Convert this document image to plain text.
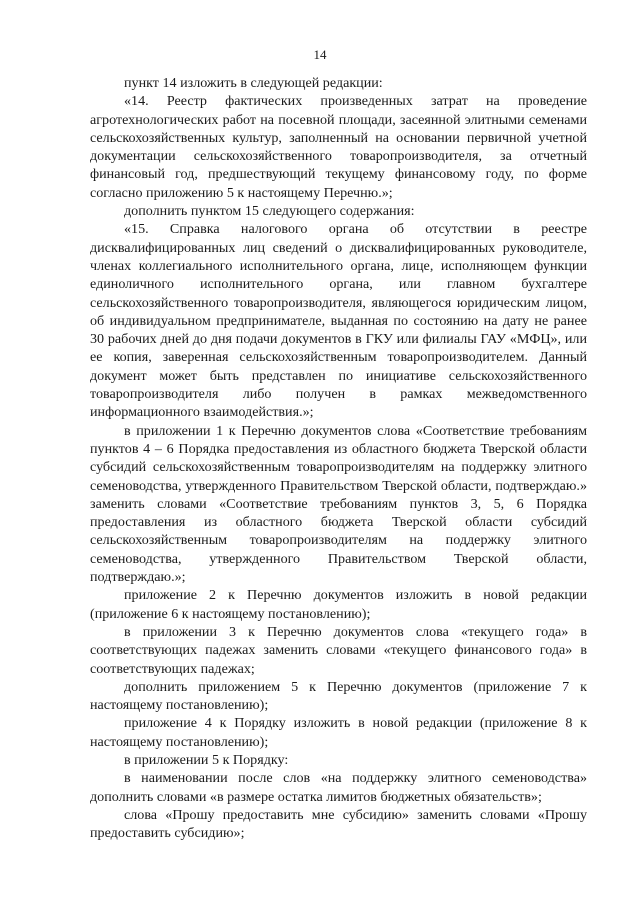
14

пункт 14 изложить в следующей редакции:

«14. Реестр фактических произведенных затрат на проведение агротехнологических работ на посевной площади, засеянной элитными семенами сельскохозяйственных культур, заполненный на основании первичной учетной документации сельскохозяйственного товаропроизводителя, за отчетный финансовый год, предшествующий текущему финансовому году, по форме согласно приложению 5 к настоящему Перечню.»;

дополнить пунктом 15 следующего содержания:

«15. Справка налогового органа об отсутствии в реестре дисквалифицированных лиц сведений о дисквалифицированных руководителе, членах коллегиального исполнительного органа, лице, исполняющем функции единоличного исполнительного органа, или главном бухгалтере сельскохозяйственного товаропроизводителя, являющегося юридическим лицом, об индивидуальном предпринимателе, выданная по состоянию на дату не ранее 30 рабочих дней до дня подачи документов в ГКУ или филиалы ГАУ «МФЦ», или ее копия, заверенная сельскохозяйственным товаропроизводителем. Данный документ может быть представлен по инициативе сельскохозяйственного товаропроизводителя либо получен в рамках межведомственного информационного взаимодействия.»;

в приложении 1 к Перечню документов слова «Соответствие требованиям пунктов 4 – 6 Порядка предоставления из областного бюджета Тверской области субсидий сельскохозяйственным товаропроизводителям на поддержку элитного семеноводства, утвержденного Правительством Тверской области, подтверждаю.» заменить словами «Соответствие требованиям пунктов 3, 5, 6 Порядка предоставления из областного бюджета Тверской области субсидий сельскохозяйственным товаропроизводителям на поддержку элитного семеноводства, утвержденного Правительством Тверской области, подтверждаю.»;

приложение 2 к Перечню документов изложить в новой редакции (приложение 6 к настоящему постановлению);

в приложении 3 к Перечню документов слова «текущего года» в соответствующих падежах заменить словами «текущего финансового года» в соответствующих падежах;

дополнить приложением 5 к Перечню документов (приложение 7 к настоящему постановлению);

приложение 4 к Порядку изложить в новой редакции (приложение 8 к настоящему постановлению);

в приложении 5 к Порядку:

в наименовании после слов «на поддержку элитного семеноводства» дополнить словами «в размере остатка лимитов бюджетных обязательств»;

слова «Прошу предоставить мне субсидию» заменить словами «Прошу предоставить субсидию»;
